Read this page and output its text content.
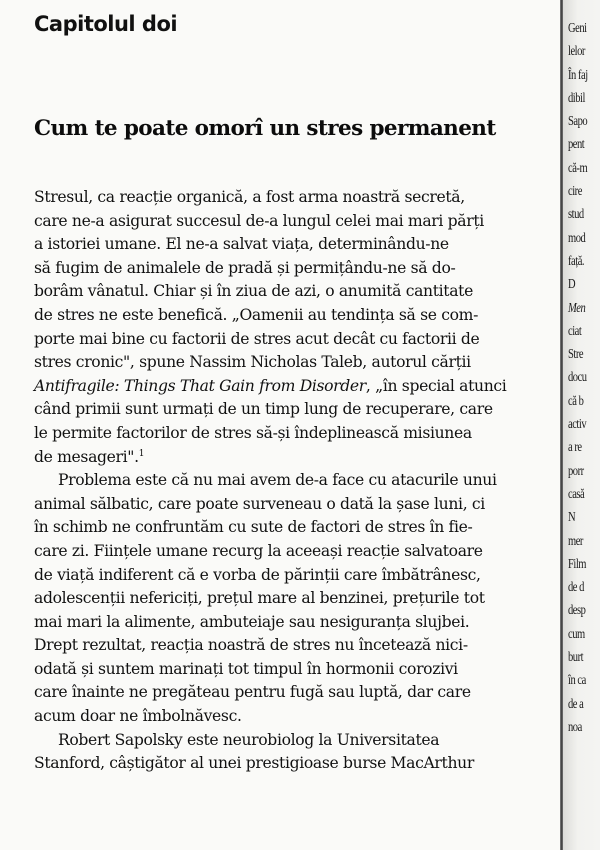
Capitolul doi
Cum te poate omorî un stres permanent
Stresul, ca reacție organică, a fost arma noastră secretă,
care ne-a asigurat succesul de-a lungul celei mai mari părți
a istoriei umane. El ne-a salvat viața, determinându-ne
să fugim de animalele de pradă și permițându-ne să do-
borâm vânatul. Chiar și în ziua de azi, o anumită cantitate
de stres ne este benefică. „Oamenii au tendința să se com-
porte mai bine cu factorii de stres acut decât cu factorii de
stres cronic", spune Nassim Nicholas Taleb, autorul cărții
Antifragile: Things That Gain from Disorder, „în special atunci
când primii sunt urmați de un timp lung de recuperare, care
le permite factorilor de stres să-și îndeplinească misiunea
de mesageri".$^1$
Problema este că nu mai avem de-a face cu atacurile unui
animal sălbatic, care poate surveneau o dată la șase luni, ci
în schimb ne confruntăm cu sute de factori de stres în fie-
care zi. Ființele umane recurg la aceeași reacție salvatoare
de viață indiferent că e vorba de părinții care îmbătrânesc,
adolescenții nefericiți, prețul mare al benzinei, prețurile tot
mai mari la alimente, ambuteiaje sau nesiguranța slujbei.
Drept rezultat, reacția noastră de stres nu încetează nici-
odată și suntem marinați tot timpul în hormonii corozivi
care înainte ne pregăteau pentru fugă sau luptă, dar care
acum doar ne îmbolnăvesc.
Robert Sapolsky este neurobiolog la Universitatea
Stanford, câștigător al unei prestigioase burse MacArthur
Geni
lelor
În faj
dibil
Sapo
pent
că-m
cire
stud
mod
față.
D
Men
ciat
Stre
docu
că b
activ
a re
porr
casă
N
mer
Film
de d
desp
cum
burt
în ca
de a
noa
